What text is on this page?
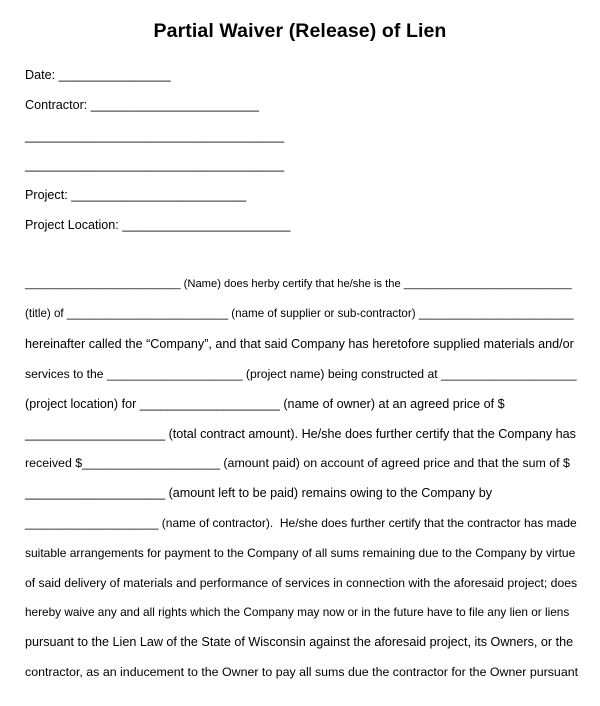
Partial Waiver (Release) of Lien
Date: ________________
Contractor: ________________________
_____________________________________
_____________________________________
Project: _________________________
Project Location: ________________________
_________________________ (Name) does herby certify that he/she is the ___________________________
(title) of _________________________ (name of supplier or sub-contractor) ________________________
hereinafter called the “Company”, and that said Company has heretofore supplied materials and/or
services to the ____________________ (project name) being constructed at ____________________
(project location) for ____________________ (name of owner) at an agreed price of $
____________________ (total contract amount). He/she does further certify that the Company has
received $____________________ (amount paid) on account of agreed price and that the sum of $
____________________ (amount left to be paid) remains owing to the Company by
____________________ (name of contractor).  He/she does further certify that the contractor has made
suitable arrangements for payment to the Company of all sums remaining due to the Company by virtue
of said delivery of materials and performance of services in connection with the aforesaid project; does
hereby waive any and all rights which the Company may now or in the future have to file any lien or liens
pursuant to the Lien Law of the State of Wisconsin against the aforesaid project, its Owners, or the
contractor, as an inducement to the Owner to pay all sums due the contractor for the Owner pursuant
